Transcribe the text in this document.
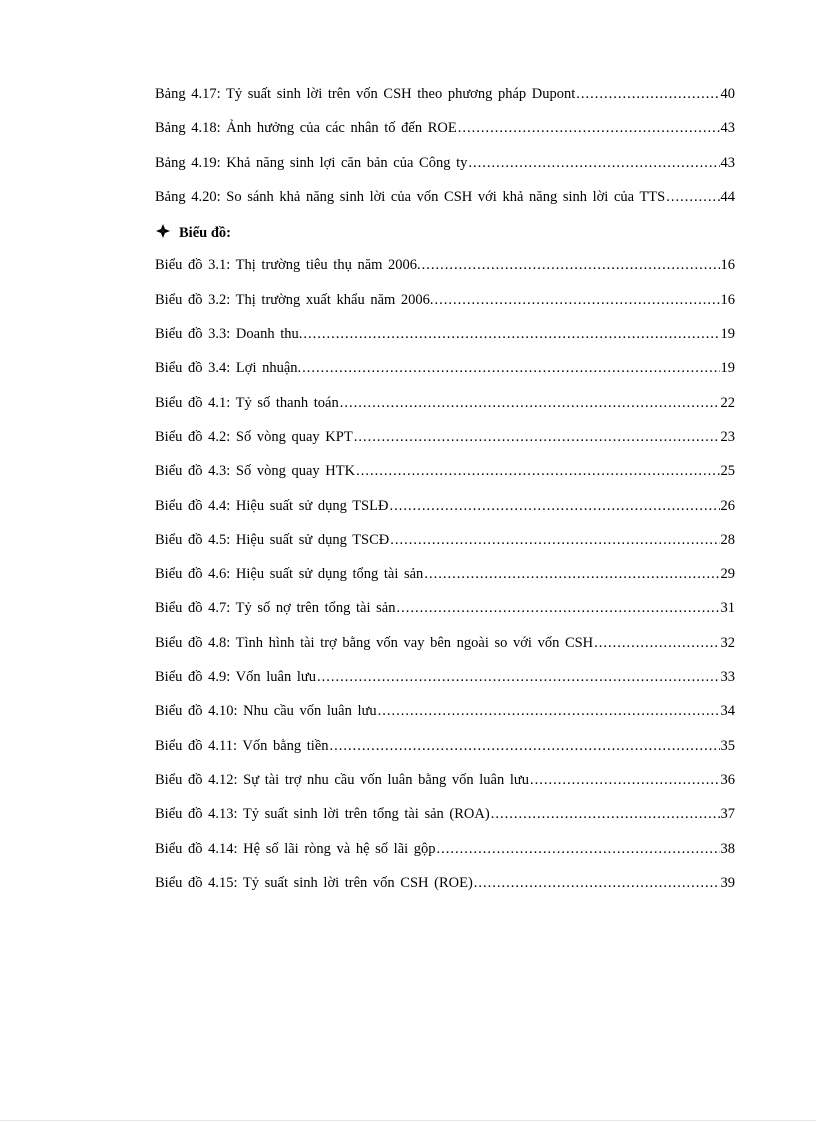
Bảng 4.17: Tỷ suất sinh lời trên vốn CSH theo phương pháp Dupont .....	40
Bảng 4.18: Ảnh hưởng của các nhân tố đến ROE .....	43
Bảng 4.19: Khả năng sinh lợi căn bản của Công ty .....	43
Bảng 4.20: So sánh khả năng sinh lời của vốn CSH với khả năng sinh lời của TTS .....	44
Biểu đồ:
Biểu đồ 3.1: Thị trường tiêu thụ năm 2006. .....	16
Biểu đồ 3.2: Thị trường xuất khẩu năm 2006. .....	16
Biểu đồ 3.3: Doanh thu. .....	19
Biểu đồ 3.4: Lợi nhuận. .....	19
Biểu đồ 4.1: Tỷ số thanh toán .....	22
Biểu đồ 4.2: Số vòng quay KPT .....	23
Biểu đồ 4.3: Số vòng quay HTK .....	25
Biểu đồ 4.4: Hiệu suất sử dụng TSLĐ .....	26
Biểu đồ 4.5: Hiệu suất sử dụng TSCĐ .....	28
Biểu đồ 4.6: Hiệu suất sử dụng tổng tài sản .....	29
Biểu đồ 4.7: Tỷ số nợ trên tổng tài sản .....	31
Biểu đồ 4.8: Tình hình tài trợ bằng vốn vay bên ngoài so với vốn CSH .....	32
Biểu đồ 4.9: Vốn luân lưu .....	33
Biểu đồ 4.10: Nhu cầu vốn luân lưu .....	34
Biểu đồ 4.11: Vốn bằng tiền .....	35
Biểu đồ 4.12: Sự tài trợ nhu cầu vốn luân bằng vốn luân lưu .....	36
Biểu đồ 4.13: Tỷ suất sinh lời trên tổng tài sản (ROA) .....	37
Biểu đồ 4.14: Hệ số lãi ròng và hệ số lãi gộp .....	38
Biểu đồ 4.15: Tỷ suất sinh lời trên vốn CSH (ROE) .....	39
